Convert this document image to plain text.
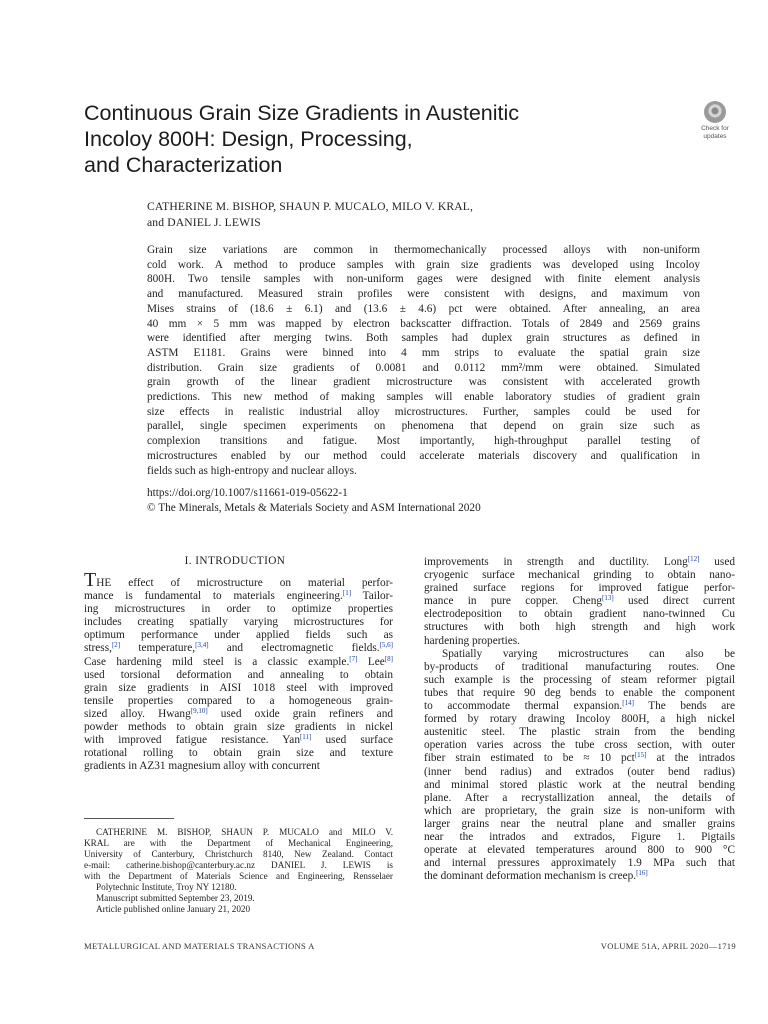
Continuous Grain Size Gradients in Austenitic
Incoloy 800H: Design, Processing,
and Characterization
Check for
updates
CATHERINE M. BISHOP, SHAUN P. MUCALO, MILO V. KRAL,
and DANIEL J. LEWIS
Grain size variations are common in thermomechanically processed alloys with non-uniform
cold work. A method to produce samples with grain size gradients was developed using Incoloy
800H. Two tensile samples with non-uniform gages were designed with finite element analysis
and manufactured. Measured strain profiles were consistent with designs, and maximum von
Mises strains of (18.6 ± 6.1) and (13.6 ± 4.6) pct were obtained. After annealing, an area
40 mm × 5 mm was mapped by electron backscatter diffraction. Totals of 2849 and 2569 grains
were identified after merging twins. Both samples had duplex grain structures as defined in
ASTM E1181. Grains were binned into 4 mm strips to evaluate the spatial grain size
distribution. Grain size gradients of 0.0081 and 0.0112 mm²/mm were obtained. Simulated
grain growth of the linear gradient microstructure was consistent with accelerated growth
predictions. This new method of making samples will enable laboratory studies of gradient grain
size effects in realistic industrial alloy microstructures. Further, samples could be used for
parallel, single specimen experiments on phenomena that depend on grain size such as
complexion transitions and fatigue. Most importantly, high-throughput parallel testing of
microstructures enabled by our method could accelerate materials discovery and qualification in
fields such as high-entropy and nuclear alloys.
https://doi.org/10.1007/s11661-019-05622-1
© The Minerals, Metals & Materials Society and ASM International 2020
I. INTRODUCTION
THE effect of microstructure on material perfor-
mance is fundamental to materials engineering.[1] Tailor-
ing microstructures in order to optimize properties
includes creating spatially varying microstructures for
optimum performance under applied fields such as
stress,[2] temperature,[3,4] and electromagnetic fields.[5,6]
Case hardening mild steel is a classic example.[7] Lee[8]
used torsional deformation and annealing to obtain
grain size gradients in AISI 1018 steel with improved
tensile properties compared to a homogeneous grain-
sized alloy. Hwang[9,10] used oxide grain refiners and
powder methods to obtain grain size gradients in nickel
with improved fatigue resistance. Yan[11] used surface
rotational rolling to obtain grain size and texture
gradients in AZ31 magnesium alloy with concurrent
improvements in strength and ductility. Long[12] used
cryogenic surface mechanical grinding to obtain nano-
grained surface regions for improved fatigue perfor-
mance in pure copper. Cheng[13] used direct current
electrodeposition to obtain gradient nano-twinned Cu
structures with both high strength and high work
hardening properties.
Spatially varying microstructures can also be
by-products of traditional manufacturing routes. One
such example is the processing of steam reformer pigtail
tubes that require 90 deg bends to enable the component
to accommodate thermal expansion.[14] The bends are
formed by rotary drawing Incoloy 800H, a high nickel
austenitic steel. The plastic strain from the bending
operation varies across the tube cross section, with outer
fiber strain estimated to be ≈ 10 pct[15] at the intrados
(inner bend radius) and extrados (outer bend radius)
and minimal stored plastic work at the neutral bending
plane. After a recrystallization anneal, the details of
which are proprietary, the grain size is non-uniform with
larger grains near the neutral plane and smaller grains
near the intrados and extrados, Figure 1. Pigtails
operate at elevated temperatures around 800 to 900 °C
and internal pressures approximately 1.9 MPa such that
the dominant deformation mechanism is creep.[16]
CATHERINE M. BISHOP, SHAUN P. MUCALO and MILO V.
KRAL are with the Department of Mechanical Engineering,
University of Canterbury, Christchurch 8140, New Zealand. Contact
e-mail: catherine.bishop@canterbury.ac.nz DANIEL J. LEWIS is
with the Department of Materials Science and Engineering, Rensselaer
Polytechnic Institute, Troy NY 12180.
Manuscript submitted September 23, 2019.
Article published online January 21, 2020
METALLURGICAL AND MATERIALS TRANSACTIONS A	VOLUME 51A, APRIL 2020—1719
